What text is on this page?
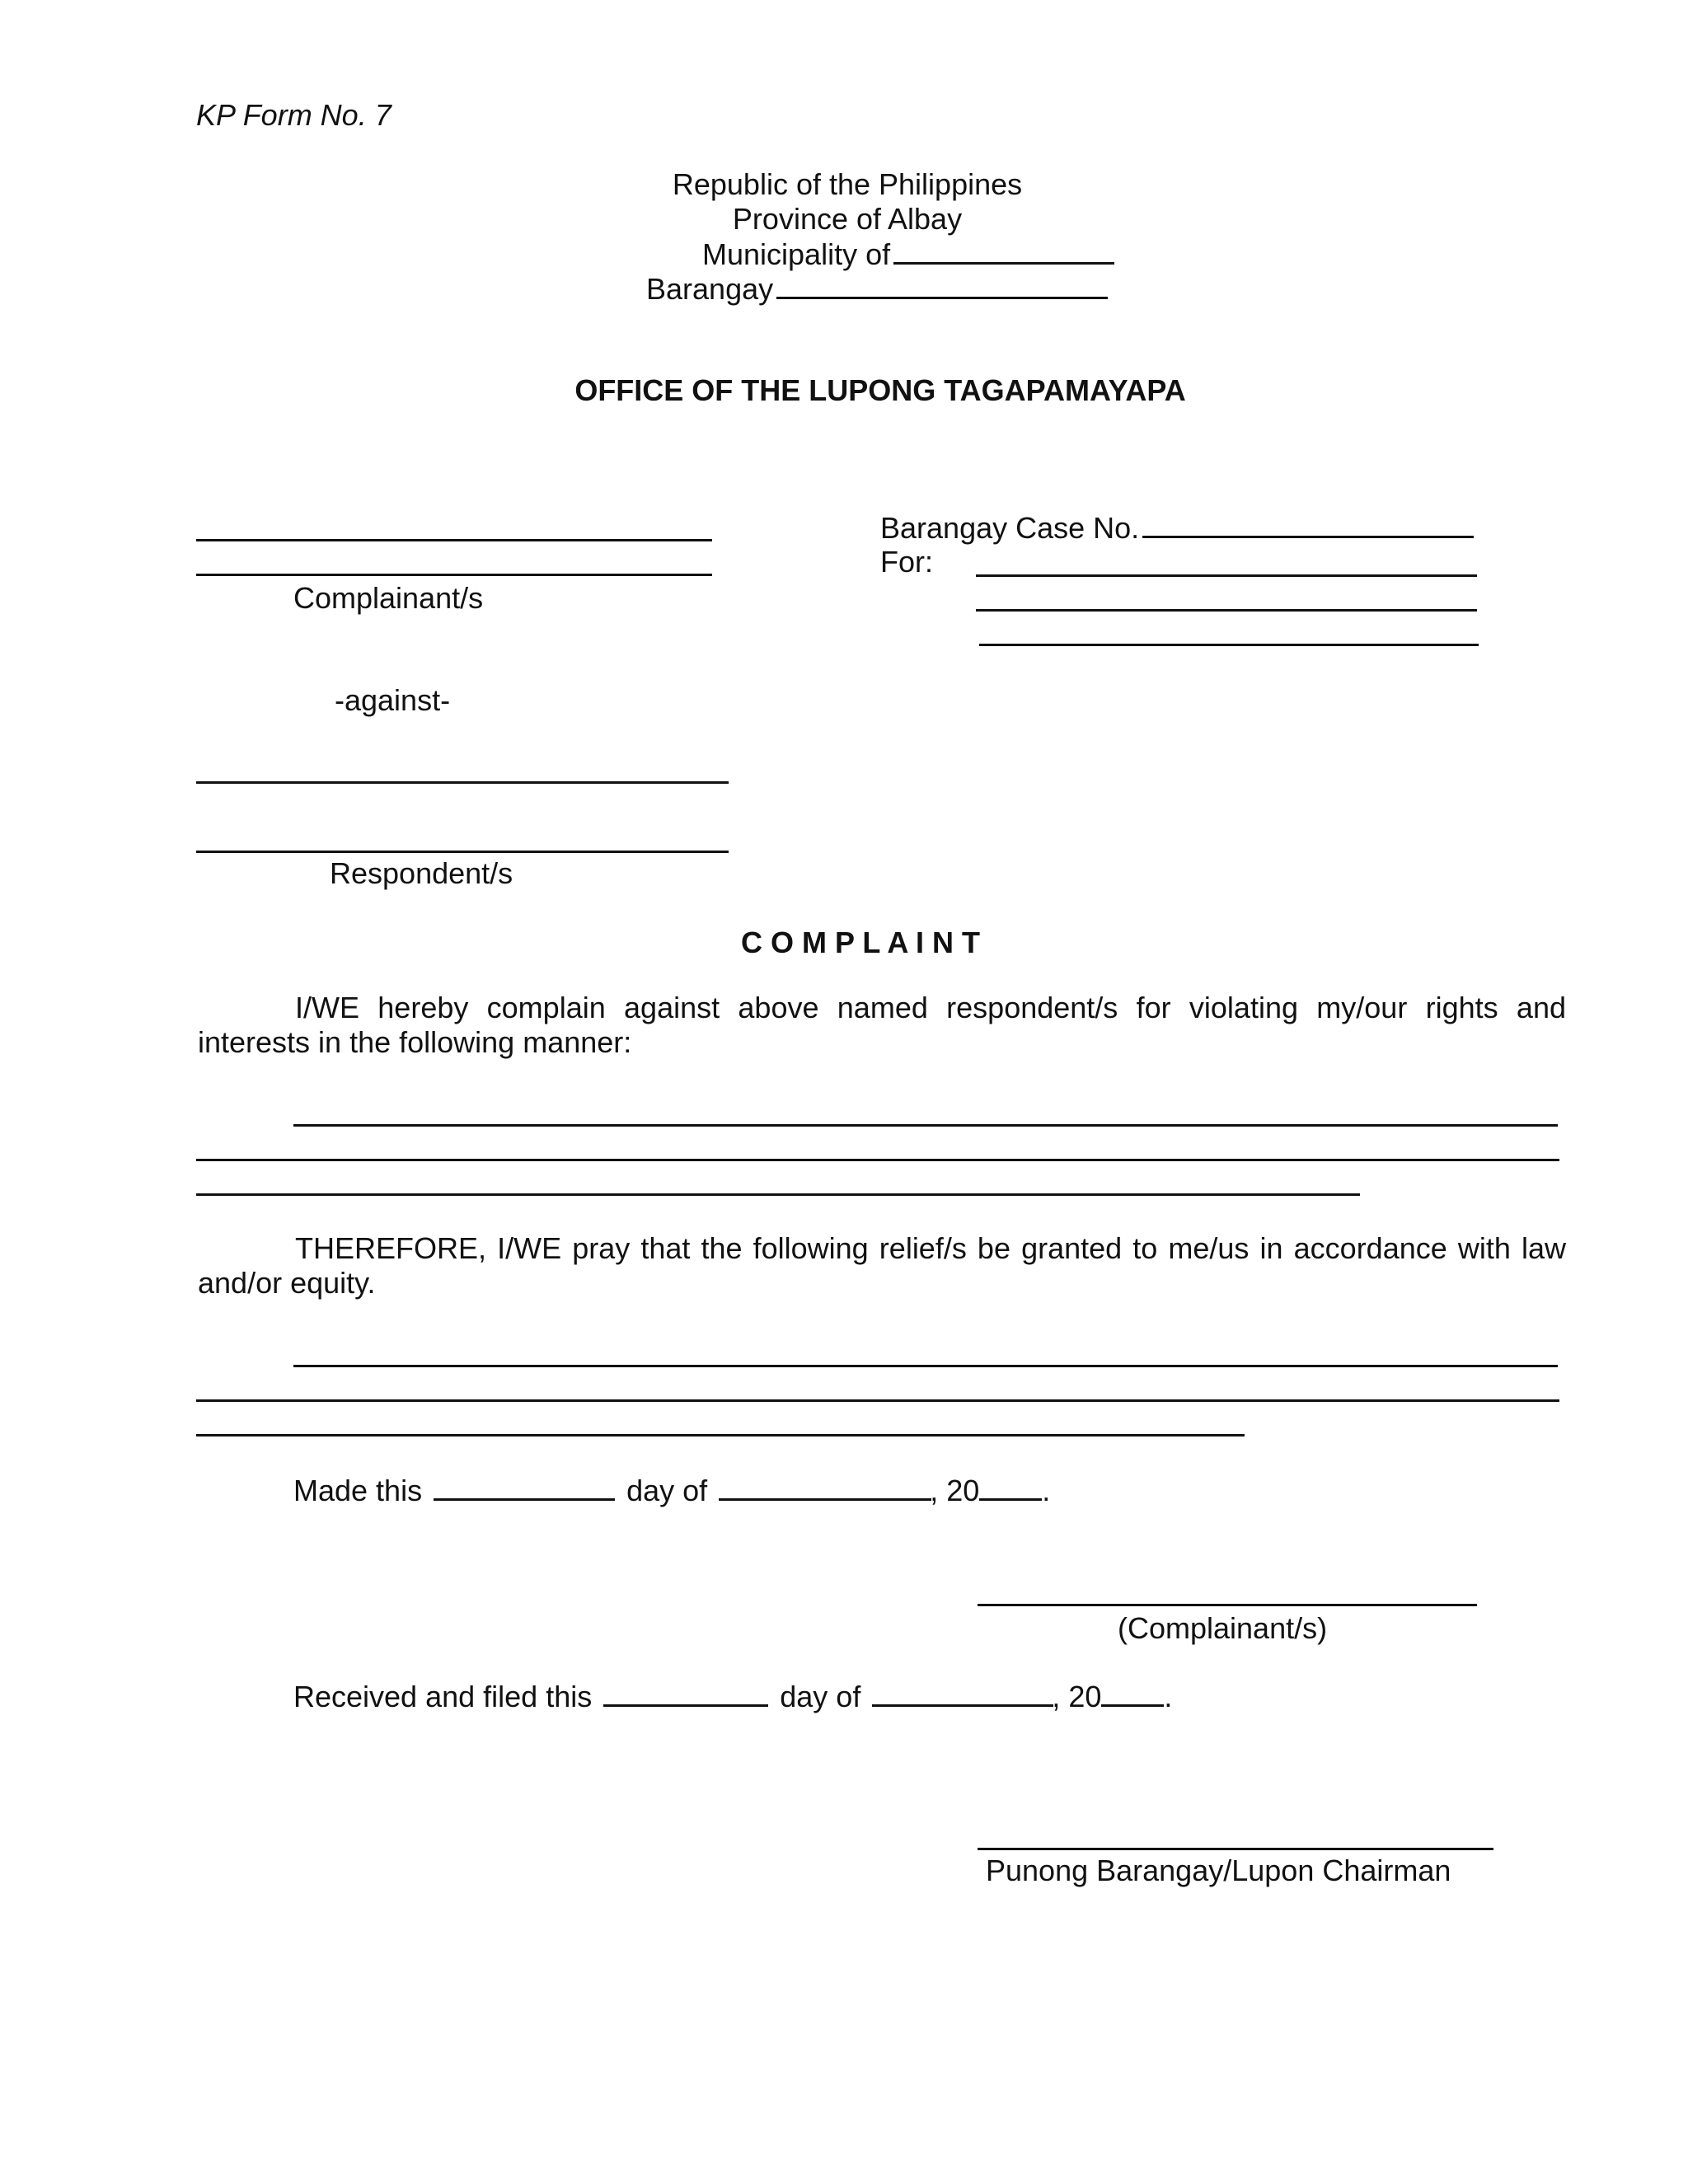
KP Form No. 7
Republic of the Philippines
Province of Albay
Municipality of
Barangay
OFFICE OF THE LUPONG TAGAPAMAYAPA
Complainant/s
Barangay Case No.
For:
-against-
Respondent/s
C O M P L A I N T
I/WE hereby complain against above named respondent/s for violating my/our rights and interests in the following manner:
THEREFORE, I/WE pray that the following relief/s be granted to me/us in accordance with law and/or equity.
Made this	day of	, 20 .
(Complainant/s)
Received and filed this	day of	, 20 .
Punong Barangay/Lupon Chairman
